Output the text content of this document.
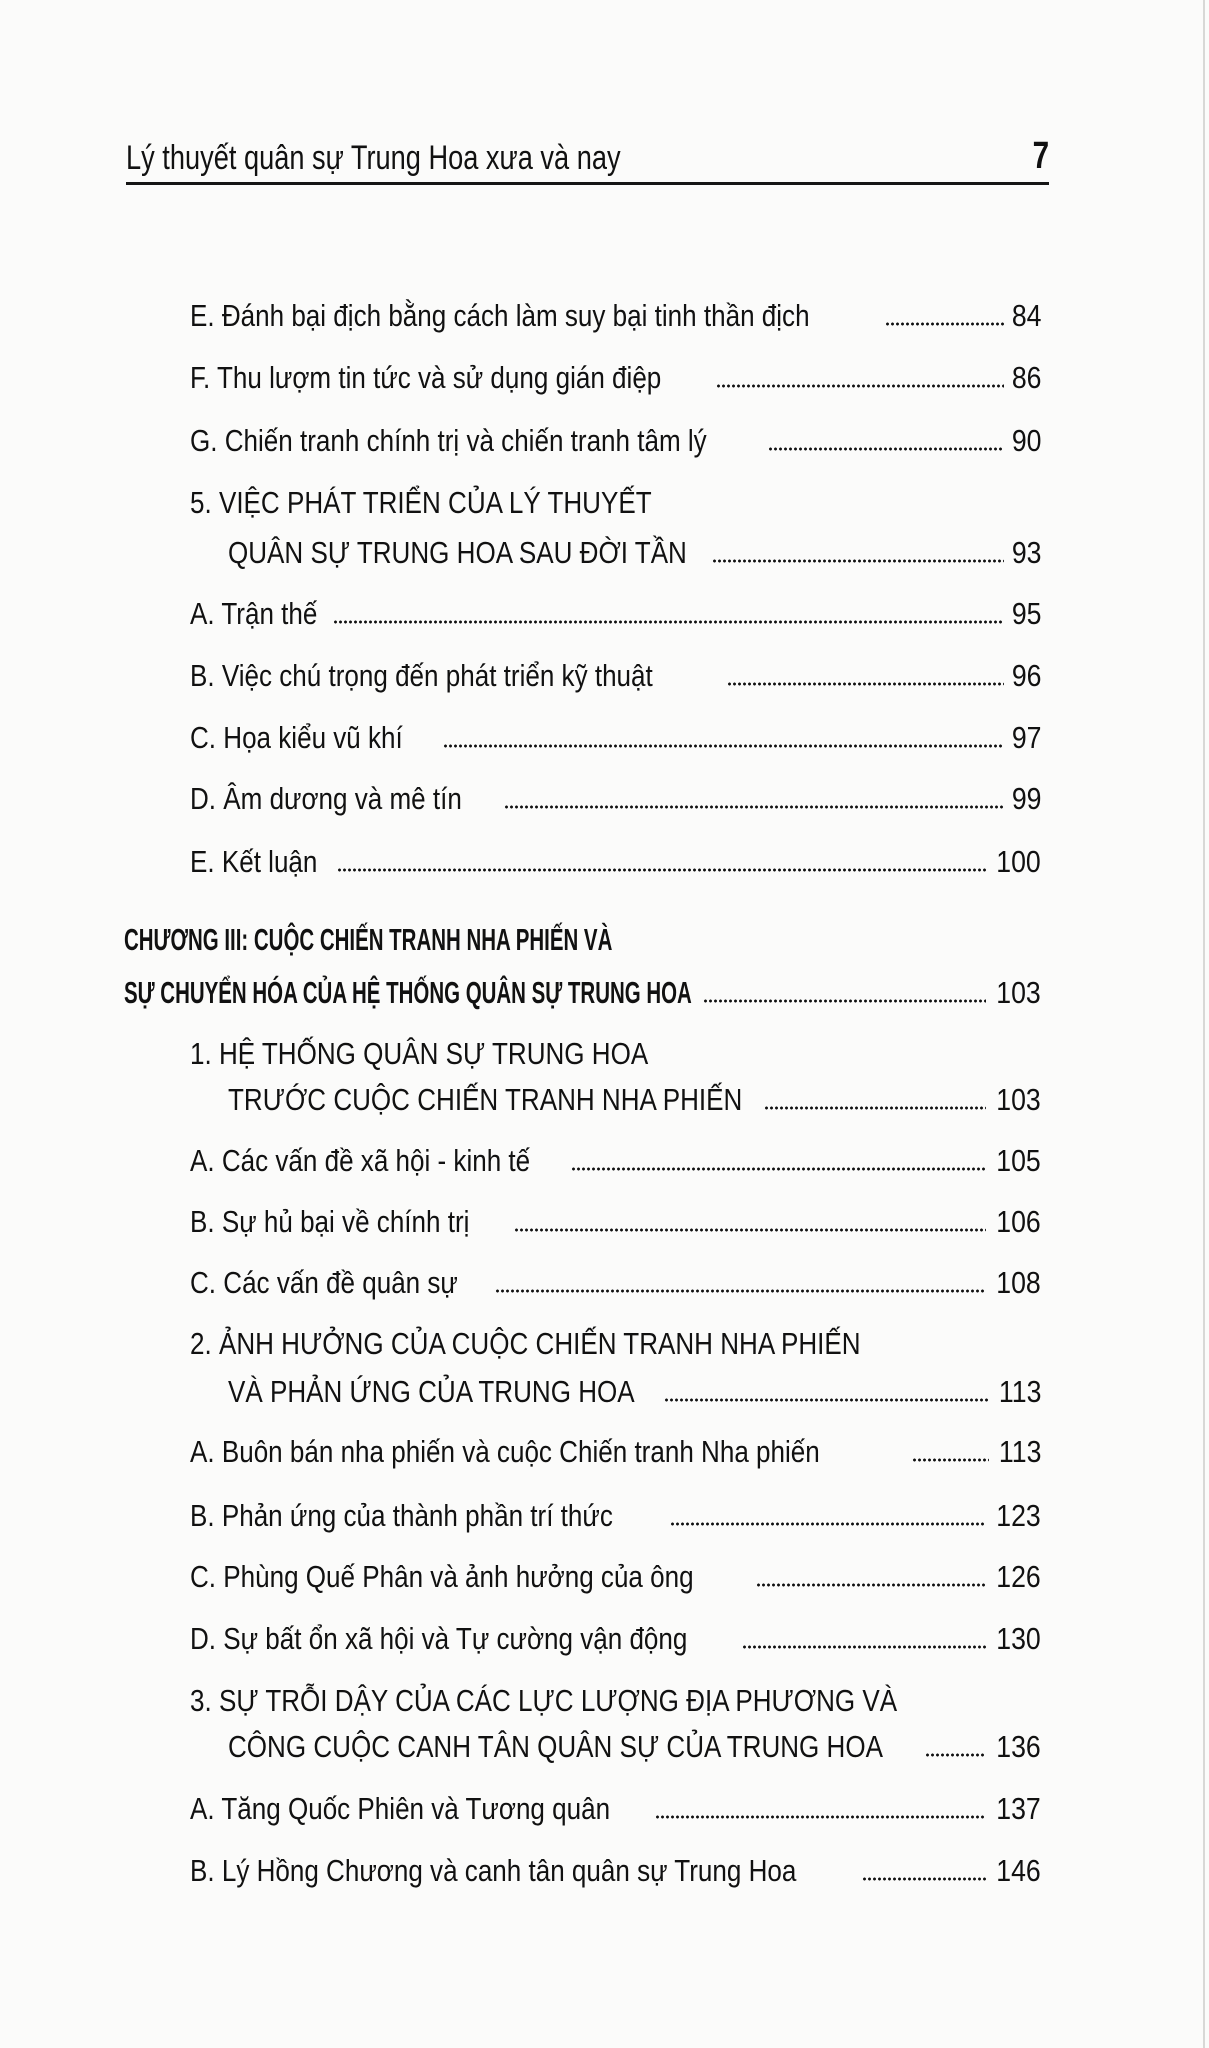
Lý thuyết quân sự Trung Hoa xưa và nay	7
E. Đánh bại địch bằng cách làm suy bại tinh thần địch	84
F. Thu lượm tin tức và sử dụng gián điệp	86
G. Chiến tranh chính trị và chiến tranh tâm lý	90
5. VIỆC PHÁT TRIỂN CỦA LÝ THUYẾT
QUÂN SỰ TRUNG HOA SAU ĐỜI TẦN	93
A. Trận thế	95
B. Việc chú trọng đến phát triển kỹ thuật	96
C. Họa kiểu vũ khí	97
D. Âm dương và mê tín	99
E. Kết luận	100
CHƯƠNG III: CUỘC CHIẾN TRANH NHA PHIẾN VÀ
SỰ CHUYỂN HÓA CỦA HỆ THỐNG QUÂN SỰ TRUNG HOA	103
1. HỆ THỐNG QUÂN SỰ TRUNG HOA
TRƯỚC CUỘC CHIẾN TRANH NHA PHIẾN	103
A. Các vấn đề xã hội - kinh tế	105
B. Sự hủ bại về chính trị	106
C. Các vấn đề quân sự	108
2. ẢNH HƯỞNG CỦA CUỘC CHIẾN TRANH NHA PHIẾN
VÀ PHẢN ỨNG CỦA TRUNG HOA	113
A. Buôn bán nha phiến và cuộc Chiến tranh Nha phiến	113
B. Phản ứng của thành phần trí thức	123
C. Phùng Quế Phân và ảnh hưởng của ông	126
D. Sự bất ổn xã hội và Tự cường vận động	130
3. SỰ TRỖI DẬY CỦA CÁC LỰC LƯỢNG ĐỊA PHƯƠNG VÀ
CÔNG CUỘC CANH TÂN QUÂN SỰ CỦA TRUNG HOA	136
A. Tăng Quốc Phiên và Tương quân	137
B. Lý Hồng Chương và canh tân quân sự Trung Hoa	146
